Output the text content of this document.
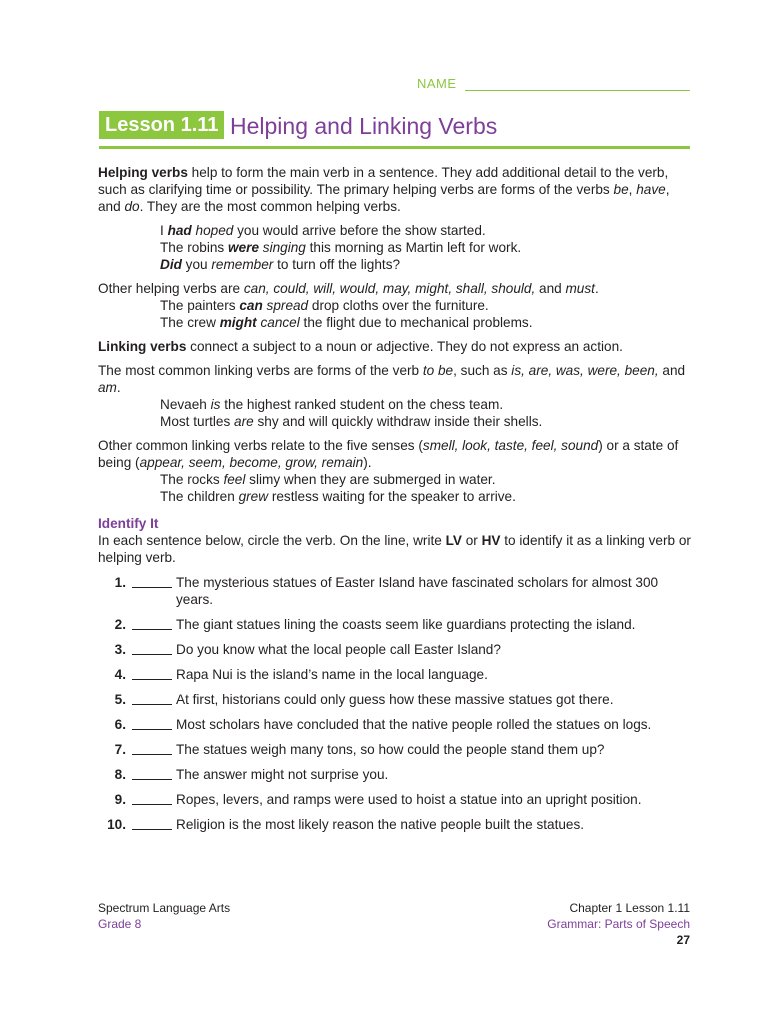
NAME
Lesson 1.11 Helping and Linking Verbs

Helping verbs help to form the main verb in a sentence. They add additional detail to the verb, such as clarifying time or possibility. The primary helping verbs are forms of the verbs be, have, and do. They are the most common helping verbs.

I had hoped you would arrive before the show started.

The robins were singing this morning as Martin left for work.

Did you remember to turn off the lights?

Other helping verbs are can, could, will, would, may, might, shall, should, and must.

The painters can spread drop cloths over the furniture.

The crew might cancel the flight due to mechanical problems.

Linking verbs connect a subject to a noun or adjective. They do not express an action.

The most common linking verbs are forms of the verb to be, such as is, are, was, were, been, and am.

Nevaeh is the highest ranked student on the chess team.

Most turtles are shy and will quickly withdraw inside their shells.

Other common linking verbs relate to the five senses (smell, look, taste, feel, sound) or a state of being (appear, seem, become, grow, remain).

The rocks feel slimy when they are submerged in water.

The children grew restless waiting for the speaker to arrive.

Identify It

In each sentence below, circle the verb. On the line, write LV or HV to identify it as a linking verb or helping verb.

1.	The mysterious statues of Easter Island have fascinated scholars for almost 300 years.
2.	The giant statues lining the coasts seem like guardians protecting the island.
3.	Do you know what the local people call Easter Island?
4.	Rapa Nui is the island’s name in the local language.
5.	At first, historians could only guess how these massive statues got there.
6.	Most scholars have concluded that the native people rolled the statues on logs.
7.	The statues weigh many tons, so how could the people stand them up?
8.	The answer might not surprise you.
9.	Ropes, levers, and ramps were used to hoist a statue into an upright position.
10.	Religion is the most likely reason the native people built the statues.
Spectrum Language Arts
Grade 8
Chapter 1 Lesson 1.11
Grammar: Parts of Speech
27
